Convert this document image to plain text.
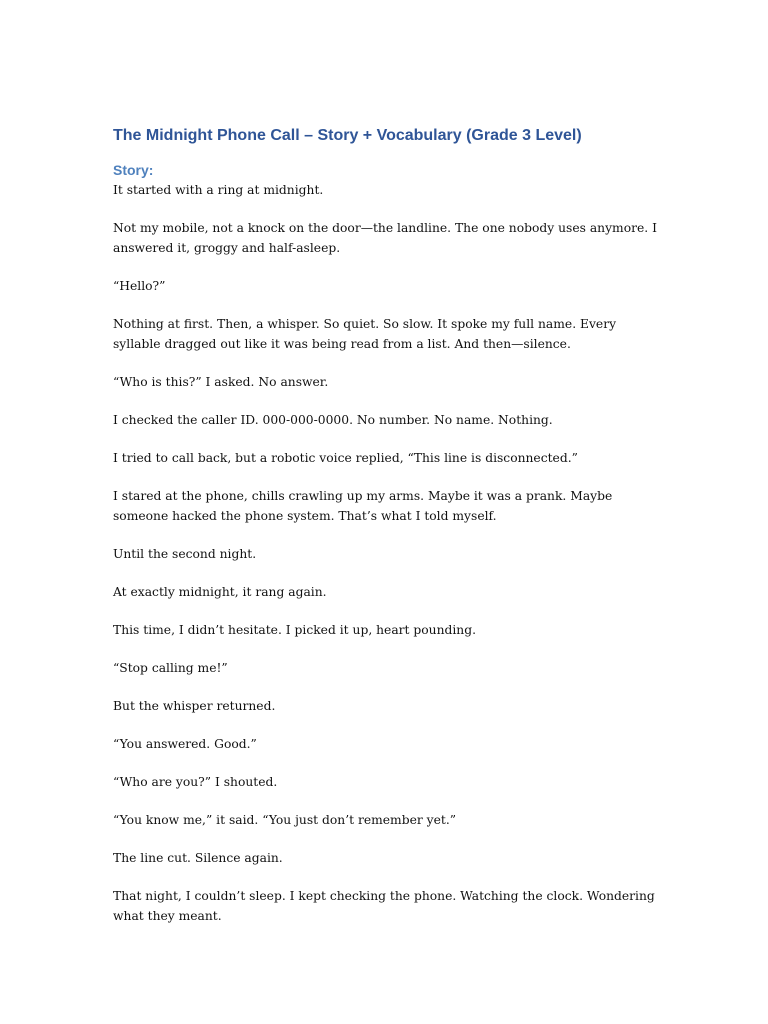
The Midnight Phone Call – Story + Vocabulary (Grade 3 Level)
Story:

It started with a ring at midnight.

Not my mobile, not a knock on the door—the landline. The one nobody uses anymore. I answered it, groggy and half-asleep.

“Hello?”

Nothing at first. Then, a whisper. So quiet. So slow. It spoke my full name. Every syllable dragged out like it was being read from a list. And then—silence.

“Who is this?” I asked. No answer.

I checked the caller ID. 000-000-0000. No number. No name. Nothing.

I tried to call back, but a robotic voice replied, “This line is disconnected.”

I stared at the phone, chills crawling up my arms. Maybe it was a prank. Maybe someone hacked the phone system. That’s what I told myself.

Until the second night.

At exactly midnight, it rang again.

This time, I didn’t hesitate. I picked it up, heart pounding.

“Stop calling me!”

But the whisper returned.

“You answered. Good.”

“Who are you?” I shouted.

“You know me,” it said. “You just don’t remember yet.”

The line cut. Silence again.

That night, I couldn’t sleep. I kept checking the phone. Watching the clock. Wondering what they meant.
